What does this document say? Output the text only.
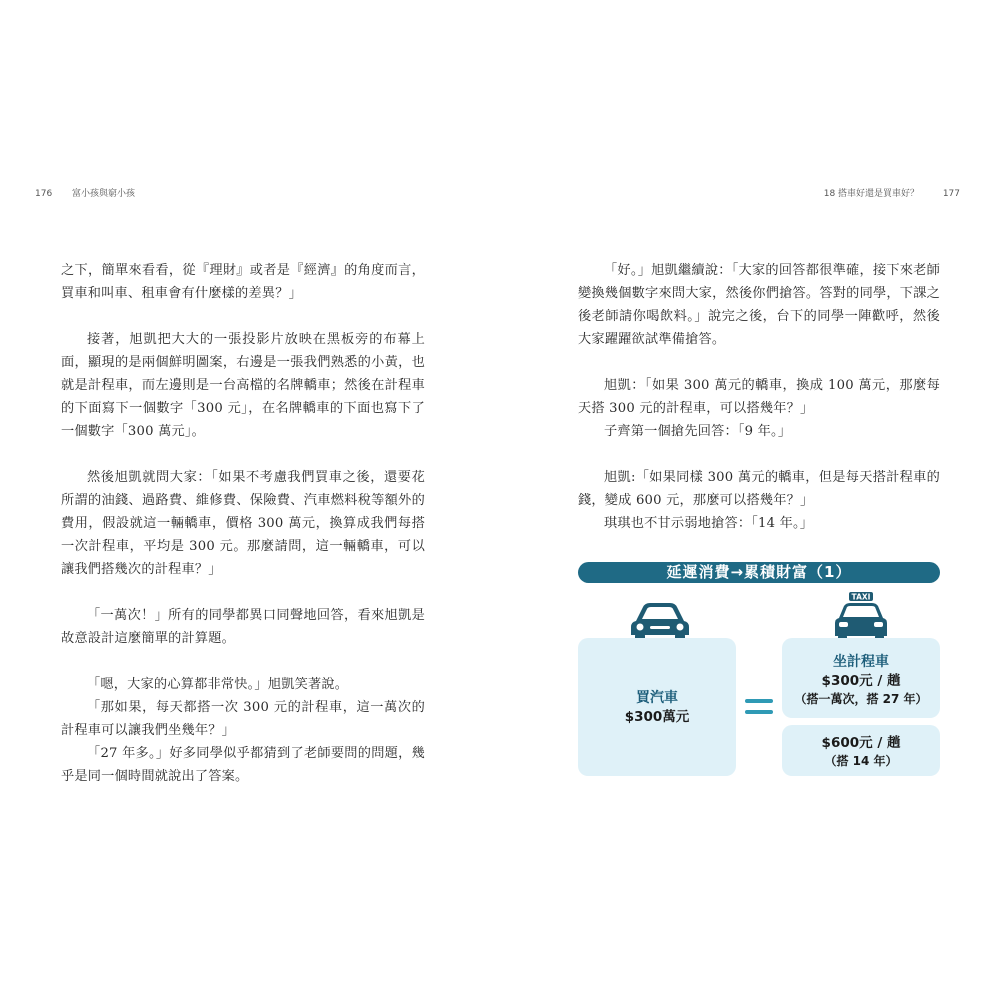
176 富小孩與窮小孩	18 搭車好還是買車好？	177

之下，簡單來看看，從『理財』或者是『經濟』的角度而言，買車和叫車、租車會有什麼樣的差異？」

接著，旭凱把大大的一張投影片放映在黑板旁的布幕上面，顯現的是兩個鮮明圖案，右邊是一張我們熟悉的小黃，也就是計程車，而左邊則是一台高檔的名牌轎車；然後在計程車的下面寫下一個數字「300 元」，在名牌轎車的下面也寫下了一個數字「300 萬元」。

然後旭凱就問大家：「如果不考慮我們買車之後，還要花所謂的油錢、過路費、維修費、保險費、汽車燃料稅等額外的費用，假設就這一輛轎車，價格 300 萬元，換算成我們每搭一次計程車，平均是 300 元。那麼請問，這一輛轎車，可以讓我們搭幾次的計程車？」

「一萬次！」所有的同學都異口同聲地回答，看來旭凱是故意設計這麼簡單的計算題。

「嗯，大家的心算都非常快。」旭凱笑著說。

「那如果，每天都搭一次 300 元的計程車，這一萬次的計程車可以讓我們坐幾年？」

「27 年多。」好多同學似乎都猜到了老師要問的問題，幾乎是同一個時間就說出了答案。

「好。」旭凱繼續說：「大家的回答都很準確，接下來老師變換幾個數字來問大家，然後你們搶答。答對的同學，下課之後老師請你喝飲料。」說完之後，台下的同學一陣歡呼，然後大家躍躍欲試準備搶答。

旭凱：「如果 300 萬元的轎車，換成 100 萬元，那麼每天搭 300 元的計程車，可以搭幾年？」

子齊第一個搶先回答：「9 年。」

旭凱:「如果同樣 300 萬元的轎車，但是每天搭計程車的錢，變成 600 元，那麼可以搭幾年？」

琪琪也不甘示弱地搶答：「14 年。」

延遲消費→累積財富（1）
TAXI
買汽車
$300萬元
坐計程車
$300元 / 趟
（搭一萬次，搭 27 年）
$600元 / 趟
（搭 14 年）
